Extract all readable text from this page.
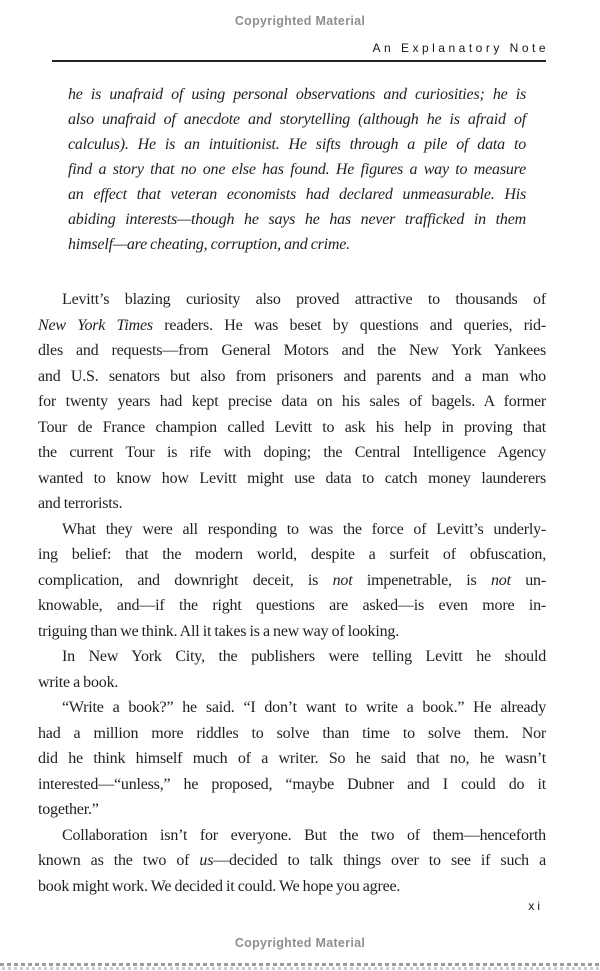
Copyrighted Material
An Explanatory Note
he is unafraid of using personal observations and curiosities; he is
also unafraid of anecdote and storytelling (although he is afraid of
calculus). He is an intuitionist. He sifts through a pile of data to
find a story that no one else has found. He figures a way to measure
an effect that veteran economists had declared unmeasurable. His
abiding interests—though he says he has never trafficked in them
himself—are cheating, corruption, and crime.
Levitt’s blazing curiosity also proved attractive to thousands of
New York Times readers. He was beset by questions and queries, rid-
dles and requests—from General Motors and the New York Yankees
and U.S. senators but also from prisoners and parents and a man who
for twenty years had kept precise data on his sales of bagels. A former
Tour de France champion called Levitt to ask his help in proving that
the current Tour is rife with doping; the Central Intelligence Agency
wanted to know how Levitt might use data to catch money launderers
and terrorists.
What they were all responding to was the force of Levitt’s underly-
ing belief: that the modern world, despite a surfeit of obfuscation,
complication, and downright deceit, is not impenetrable, is not un-
knowable, and—if the right questions are asked—is even more in-
triguing than we think. All it takes is a new way of looking.
In New York City, the publishers were telling Levitt he should
write a book.
“Write a book?” he said. “I don’t want to write a book.” He already
had a million more riddles to solve than time to solve them. Nor
did he think himself much of a writer. So he said that no, he wasn’t
interested—“unless,” he proposed, “maybe Dubner and I could do it
together.”
Collaboration isn’t for everyone. But the two of them—henceforth
known as the two of us—decided to talk things over to see if such a
book might work. We decided it could. We hope you agree.
xi
Copyrighted Material
